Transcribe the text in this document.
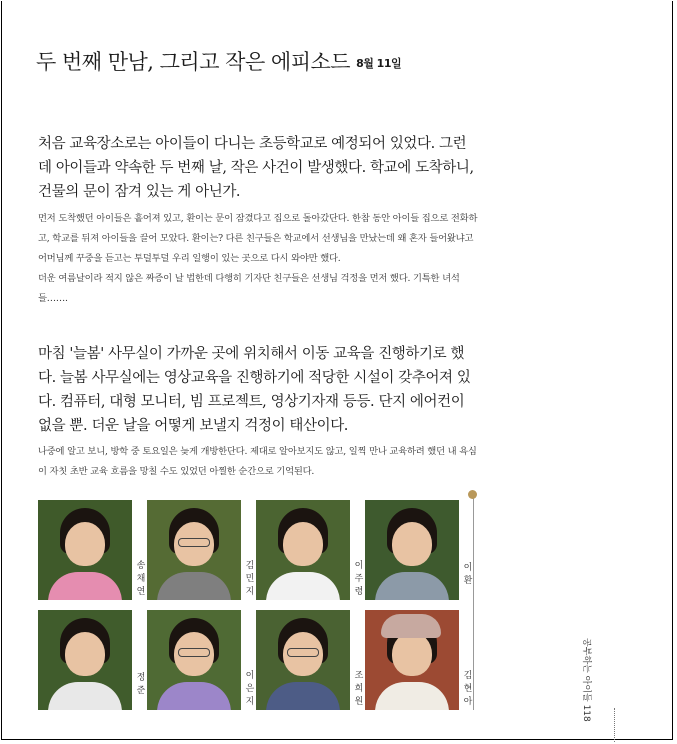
두 번째 만남, 그리고 작은 에피소드 8월 11일
처음 교육장소로는 아이들이 다니는 초등학교로 예정되어 있었다. 그런데 아이들과 약속한 두 번째 날, 작은 사건이 발생했다. 학교에 도착하니, 건물의 문이 잠겨 있는 게 아닌가.

먼저 도착했던 아이들은 흩어져 있고, 환이는 문이 잠겼다고 집으로 돌아갔단다. 한참 동안 아이들 집으로 전화하고, 학교를 뒤져 아이들을 끌어 모았다. 환이는? 다른 친구들은 학교에서 선생님을 만났는데 왜 혼자 들어왔냐고 어머님께 꾸중을 듣고는 투덜투덜 우리 일행이 있는 곳으로 다시 와야만 했다.

더운 여름날이라 적지 않은 짜증이 날 법한데 다행히 기자단 친구들은 선생님 걱정을 먼저 했다. 기특한 녀석들…….

마침 '늘봄' 사무실이 가까운 곳에 위치해서 이동 교육을 진행하기로 했다. 늘봄 사무실에는 영상교육을 진행하기에 적당한 시설이 갖추어져 있다. 컴퓨터, 대형 모니터, 빔 프로젝트, 영상기자재 등등. 단지 에어컨이 없을 뿐. 더운 날을 어떻게 보낼지 걱정이 태산이다.

나중에 알고 보니, 방학 중 토요일은 늦게 개방한단다. 제대로 알아보지도 않고, 일찍 만나 교육하려 했던 내 욕심이 자칫 초반 교육 흐름을 망칠 수도 있었던 아찔한 순간으로 기억된다.

송
채
연
김
민
지
이
주
령
이
환
정
준
이
은
지
조
희
원
김
현
아	공부하는 아이들 118
